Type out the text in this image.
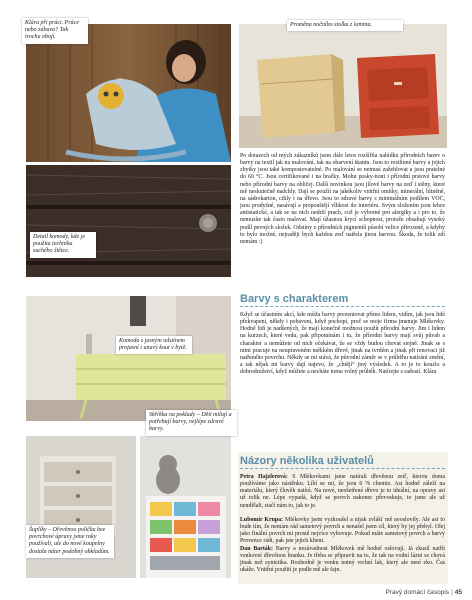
Klára při práci. Práce nebo zábava? Tak trochu obojí.
Proměna nočního stolku z lamina.
Detail komody, kde je použita technika suchého štětce.
Komoda s jasným odstínem projasní i unavý kout v bytě.
Skříňka na poklady – Děti milují a potřebují barvy, nejlépe zdravé barvy.
Šuplíky – Dřevěnou poličku bez povrchové úpravy jsme roky používali, ale do nové koupelny dostala náter podobný obkladům.

Po dotazech od mých zákazníků jsem dále letos rozšířila nabídku přírodních barev o barvy na textil jak na malování, tak na obarvení tkanin. Jsou to rostlinné barvy a jejich zbytky jsou také kompostovatelné. Po malování se nemusí zažehlovat a jsou pratelné do 60 °C. Jsou certifikované i na hračky. Mohu posky-nout i přírodní prstové barvy nebo přírodní barvy na obličej. Další novinkou jsou jílové barvy na zeď i stěny, které mě neskutečně nadchly. Dají se použít na jakékoliv vnitřní omítky, minerální, hliněné, na sádrokarton, cihly i na dřevo. Jsou to zdravé barvy s minimálním podílem VOC, jsou prodyšné, nasávají a propouštějí vlhkost do interiéru. Svým složením jsou lehce antistatické, a tak se na nich nedrží prach, což je výborné pro alergiky a i pro to, že nemusíte tak často malovat. Mají úžasnou krycí schopnost, protože obsahují vysoký podíl pevných složek. Odstíny z přírodních pigmentů působí velice přirozeně, a kdyby to bylo možné, nejraději bych každou zeď natřela jinou barvou. Škoda, že tolik zdí nemám :)

Barvy s charakterem

Když se účastním akcí, kde můžu barvy prezentovat přímo lidem, vidím, jak jsou lidé překvapení, někdy i pobavení, když pochopí, proč se moje firma jmenuje Mlékovky. Hodně lidí je nadšených, že mají konečně možnost použít přírodní barvy. Jim i lidem na kurzech, které vedu, pak připomínám i tu, že přírodní barvy mají svůj půvab a charakter a nemůžete od nich očekávat, že se vždy budou chovat stejně. Jinak se s nimi pracuje na neupraveném měkkém dřevě, jinak na tvrdém a jinak při renovaci již natřeného povrchu. Někdy se mi stává, že původní záměr se v průběhu natírání změní, a tak nějak mi barvy dají najevo, že „chtějí“ jiný výsledek. A to je to kouzlo a dobrodružství, když můžete a necháte tomu volný průběh. Natírejte s radostí. Klára

Názory několika uživatelů

Petra Hajzlerová: S Mlékovkami jsme natírali dřevěnou zeď, kterou doma používáme jako nástěnku. Líbí se mi, že jsou 0 % chemie. Asi hodně záleží na materiálu, který člověk natírá. Na nové, neošetřené dřevo je to ideální, na opravy asi už tolik ne. Lépe vypadá, když se povrch nakonec převoskuje, to jsme ale už neudělali, stačí nám to, jak to je.

Lubomír Krupa: Mlékovky jsem vyzkoušel a nijak zvlášť mě neoslovily. Ale asi to bude tím, že nemám rád sametový povrch a nenašel jsem cíl, který by jej přebyl. Olej jako finální povrch mi prostě nejvíce vyhovuje. Pokud máte sametový povrch a barvy Provence rádi, pak jste jejich klient.

Dan Barták: Barvy a nezávadnost Mlékovek mě hodně oslovují. Já zkusil natřít venkovní dřevěnou branku. Je třeba se připravit na to, že tak na vodní lázni se chová jinak než syntetika. Rozhodně je venku nutný vrchní lak, který ale není eko. Čas ukáže. Vnitřní použití je podle mě ale fajn.

Pravý domácí časopis | 45
